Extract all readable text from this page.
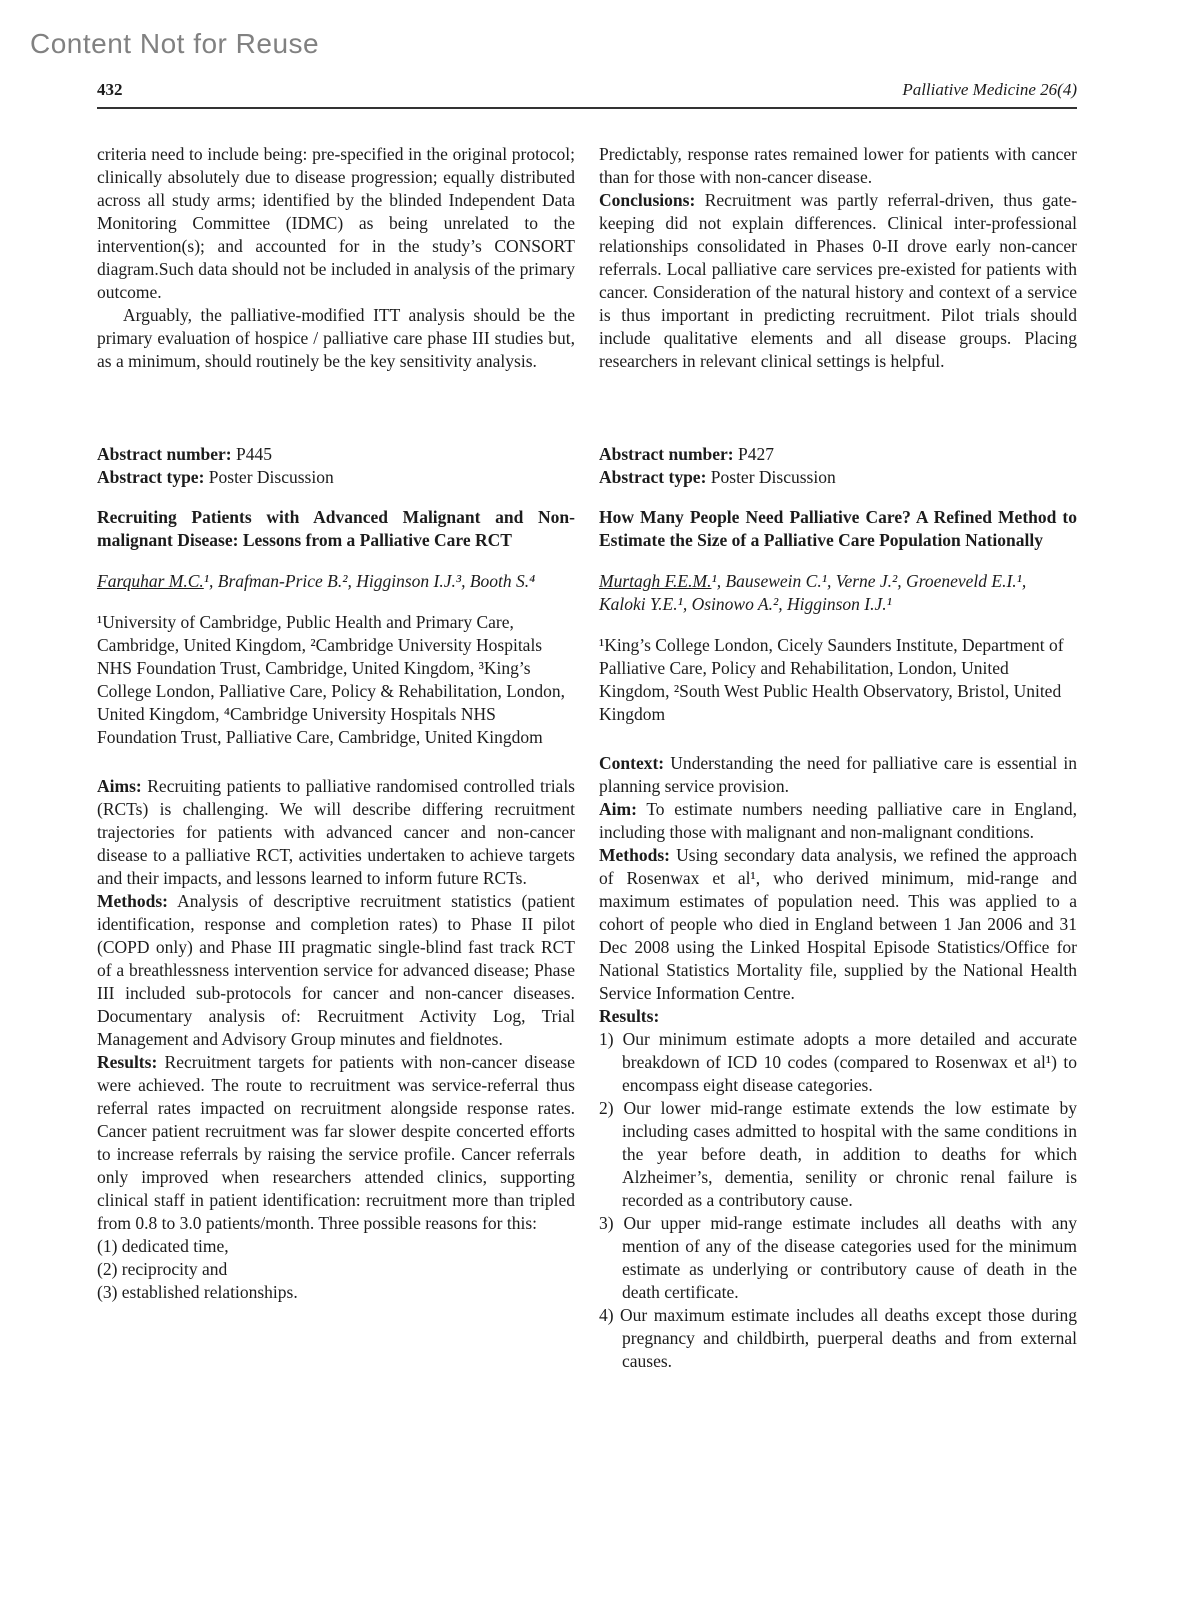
Content Not for Reuse
432	Palliative Medicine 26(4)

criteria need to include being: pre-specified in the original protocol; clinically absolutely due to disease progression; equally distributed across all study arms; identified by the blinded Independent Data Monitoring Committee (IDMC) as being unrelated to the intervention(s); and accounted for in the study’s CONSORT diagram.Such data should not be included in analysis of the primary outcome.

Arguably, the palliative-modified ITT analysis should be the primary evaluation of hospice / palliative care phase III studies but, as a minimum, should routinely be the key sensitivity analysis.

Abstract number: P445

Abstract type: Poster Discussion

Recruiting Patients with Advanced Malignant and Non-malignant Disease: Lessons from a Palliative Care RCT

Farquhar M.C.¹, Brafman-Price B.², Higginson I.J.³, Booth S.⁴

¹University of Cambridge, Public Health and Primary Care, Cambridge, United Kingdom, ²Cambridge University Hospitals NHS Foundation Trust, Cambridge, United Kingdom, ³King’s College London, Palliative Care, Policy & Rehabilitation, London, United Kingdom, ⁴Cambridge University Hospitals NHS Foundation Trust, Palliative Care, Cambridge, United Kingdom

Aims: Recruiting patients to palliative randomised controlled trials (RCTs) is challenging. We will describe differing recruitment trajectories for patients with advanced cancer and non-cancer disease to a palliative RCT, activities undertaken to achieve targets and their impacts, and lessons learned to inform future RCTs.

Methods: Analysis of descriptive recruitment statistics (patient identification, response and completion rates) to Phase II pilot (COPD only) and Phase III pragmatic single-blind fast track RCT of a breathlessness intervention service for advanced disease; Phase III included sub-protocols for cancer and non-cancer diseases. Documentary analysis of: Recruitment Activity Log, Trial Management and Advisory Group minutes and fieldnotes.

Results: Recruitment targets for patients with non-cancer disease were achieved. The route to recruitment was service-referral thus referral rates impacted on recruitment alongside response rates. Cancer patient recruitment was far slower despite concerted efforts to increase referrals by raising the service profile. Cancer referrals only improved when researchers attended clinics, supporting clinical staff in patient identification: recruitment more than tripled from 0.8 to 3.0 patients/month. Three possible reasons for this:

(1) dedicated time,

(2) reciprocity and

(3) established relationships.

Predictably, response rates remained lower for patients with cancer than for those with non-cancer disease.

Conclusions: Recruitment was partly referral-driven, thus gate-keeping did not explain differences. Clinical inter-professional relationships consolidated in Phases 0-II drove early non-cancer referrals. Local palliative care services pre-existed for patients with cancer. Consideration of the natural history and context of a service is thus important in predicting recruitment. Pilot trials should include qualitative elements and all disease groups. Placing researchers in relevant clinical settings is helpful.

Abstract number: P427

Abstract type: Poster Discussion

How Many People Need Palliative Care? A Refined Method to Estimate the Size of a Palliative Care Population Nationally

Murtagh F.E.M.¹, Bausewein C.¹, Verne J.², Groeneveld E.I.¹, Kaloki Y.E.¹, Osinowo A.², Higginson I.J.¹

¹King’s College London, Cicely Saunders Institute, Department of Palliative Care, Policy and Rehabilitation, London, United Kingdom, ²South West Public Health Observatory, Bristol, United Kingdom

Context: Understanding the need for palliative care is essential in planning service provision.

Aim: To estimate numbers needing palliative care in England, including those with malignant and non-malignant conditions.

Methods: Using secondary data analysis, we refined the approach of Rosenwax et al¹, who derived minimum, mid-range and maximum estimates of population need. This was applied to a cohort of people who died in England between 1 Jan 2006 and 31 Dec 2008 using the Linked Hospital Episode Statistics/Office for National Statistics Mortality file, supplied by the National Health Service Information Centre.

Results:

1) Our minimum estimate adopts a more detailed and accurate breakdown of ICD 10 codes (compared to Rosenwax et al¹) to encompass eight disease categories.

2) Our lower mid-range estimate extends the low estimate by including cases admitted to hospital with the same conditions in the year before death, in addition to deaths for which Alzheimer’s, dementia, senility or chronic renal failure is recorded as a contributory cause.

3) Our upper mid-range estimate includes all deaths with any mention of any of the disease categories used for the minimum estimate as underlying or contributory cause of death in the death certificate.

4) Our maximum estimate includes all deaths except those during pregnancy and childbirth, puerperal deaths and from external causes.
